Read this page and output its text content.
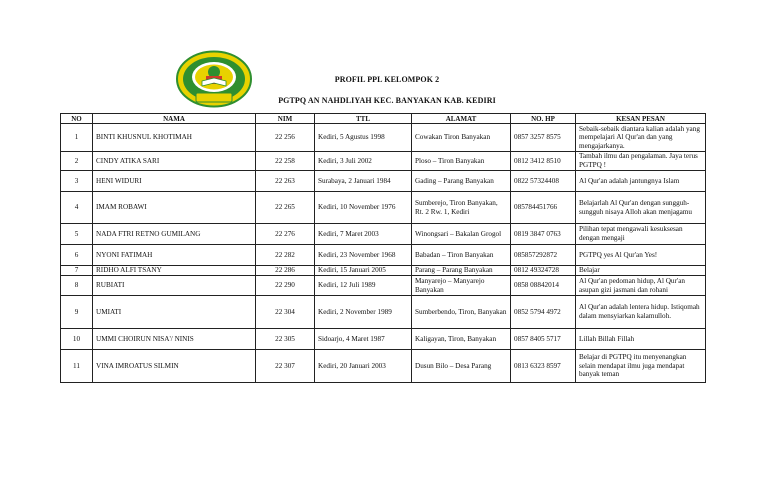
PROFIL PPL KELOMPOK 2
PGTPQ AN NAHDLIYAH KEC. BANYAKAN KAB. KEDIRI
NO	NAMA	NIM	TTL	ALAMAT	NO. HP	KESAN PESAN
1	BINTI KHUSNUL KHOTIMAH	22 256	Kediri, 5 Agustus 1998	Cowakan Tiron Banyakan	0857 3257 8575	Sebaik-sebaik diantara kalian adalah yang mempelajari Al Qur'an dan yang mengajarkanya.
2	CINDY ATIKA SARI	22 258	Kediri, 3 Juli 2002	Ploso – Tiron Banyakan	0812 3412 8510	Tambah ilmu dan pengalaman. Jaya terus PGTPQ !
3	HENI WIDURI	22 263	Surabaya, 2 Januari 1984	Gading – Parang Banyakan	0822 57324408	Al Qur'an adalah jantungnya Islam
4	IMAM ROBAWI	22 265	Kediri, 10 November 1976	Sumberejo, Tiron Banyakan, Rt. 2 Rw. 1, Kediri	085784451766	Belajarlah Al Qur'an dengan sungguh-sungguh nisaya Alloh akan menjagamu
5	NADA FTRI RETNO GUMILANG	22 276	Kediri, 7 Maret 2003	Winongsari – Bakalan Grogol	0819 3847 0763	Pilihan tepat mengawali kesuksesan dengan mengaji
6	NYONI FATIMAH	22 282	Kediri, 23 November 1968	Babadan – Tiron Banyakan	085857292872	PGTPQ yes Al Qur'an Yes!
7	RIDHO ALFI TSANY	22 286	Kediri, 15 Januari 2005	Parang – Parang Banyakan	0812 49324728	Belajar
8	RUBIATI	22 290	Kediri, 12 Juli 1989	Manyarejo – Manyarejo Banyakan	0858 08842014	Al Qur'an pedoman hidup, Al Qur'an asupan gizi jasmani dan rohani
9	UMIATI	22 304	Kediri, 2 November 1989	Sumberbendo, Tiron, Banyakan	0852 5794 4972	Al Qur'an adalah lentera hidup. Istiqomah dalam mensyiarkan kalamulloh.
10	UMMI CHOIRUN NISA'/ NINIS	22 305	Sidoarjo, 4 Maret 1987	Kaligayan, Tiron, Banyakan	0857 8405 5717	Lillah Billah Fillah
11	VINA IMROATUS SILMIN	22 307	Kediri, 20 Januari 2003	Dusun Bilo – Desa Parang	0813 6323 8597	Belajar di PGTPQ itu menyenangkan selain mendapat ilmu juga mendapat banyak teman
